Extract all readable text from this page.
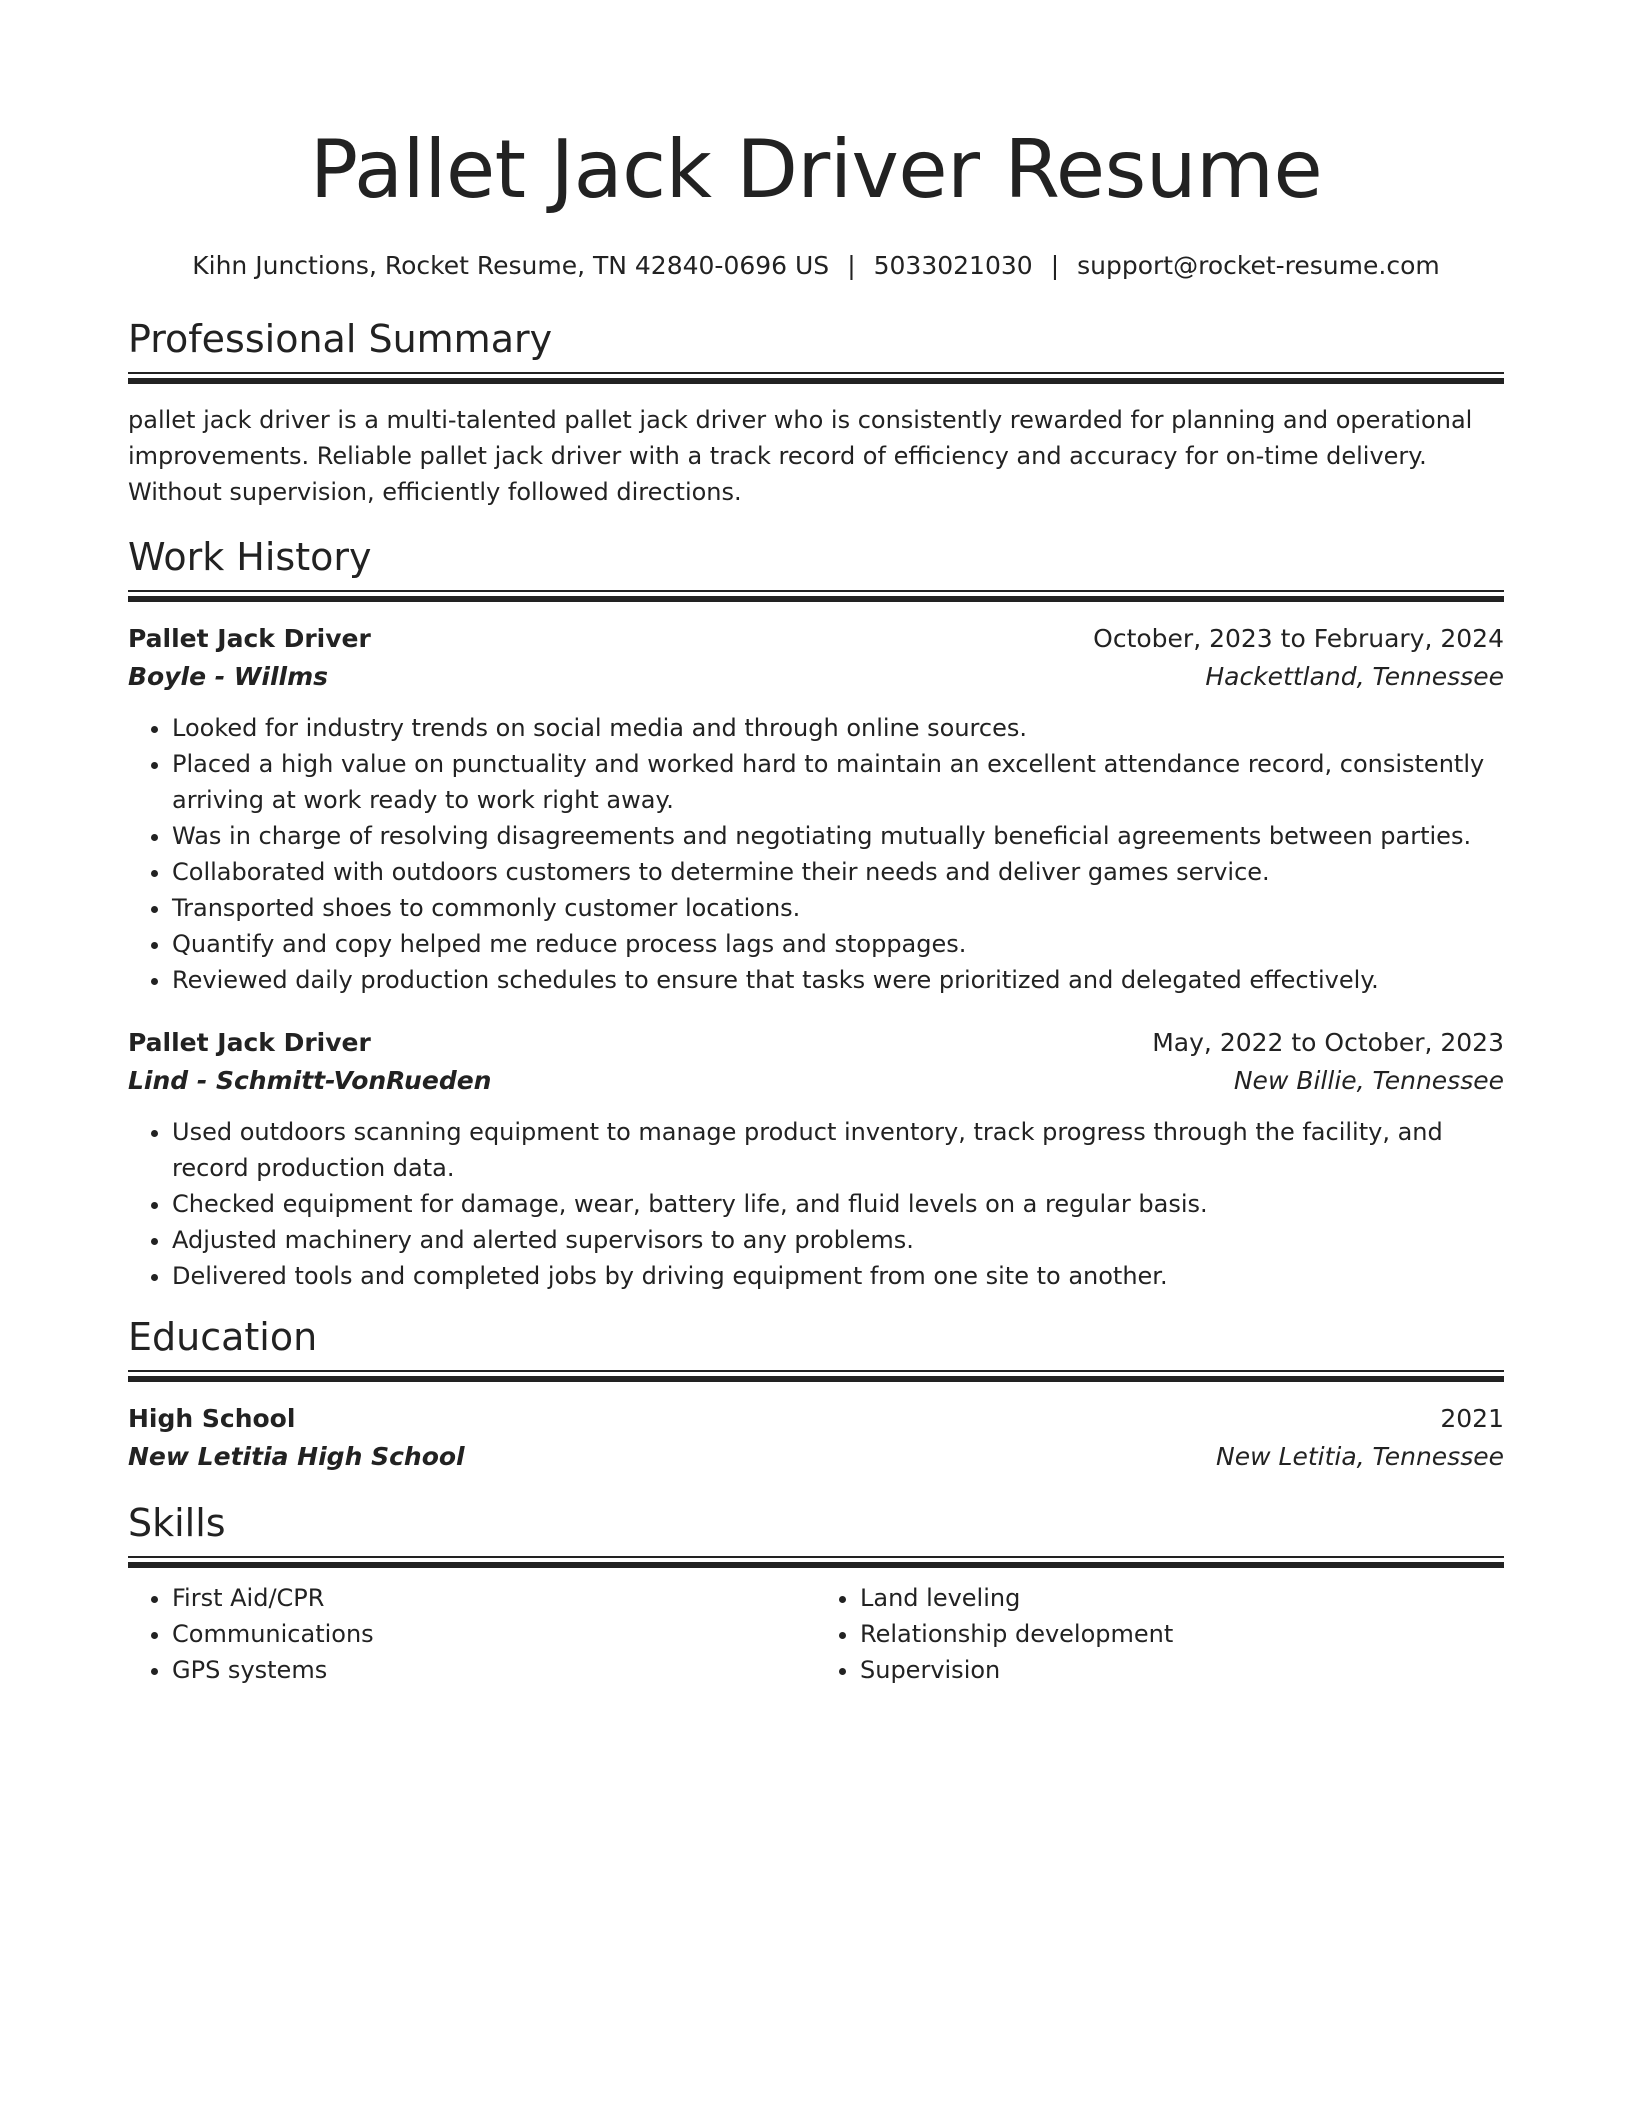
Pallet Jack Driver Resume
Kihn Junctions, Rocket Resume, TN 42840-0696 US | 5033021030 | support@rocket-resume.com
Professional Summary

pallet jack driver is a multi-talented pallet jack driver who is consistently rewarded for planning and operational improvements. Reliable pallet jack driver with a track record of efficiency and accuracy for on-time delivery. Without supervision, efficiently followed directions.

Work History
Pallet Jack Driver	October, 2023 to February, 2024
Boyle - Willms	Hackettland, Tennessee
• Looked for industry trends on social media and through online sources.
• Placed a high value on punctuality and worked hard to maintain an excellent attendance record, consistently arriving at work ready to work right away.
• Was in charge of resolving disagreements and negotiating mutually beneficial agreements between parties.
• Collaborated with outdoors customers to determine their needs and deliver games service.
• Transported shoes to commonly customer locations.
• Quantify and copy helped me reduce process lags and stoppages.
• Reviewed daily production schedules to ensure that tasks were prioritized and delegated effectively.
Pallet Jack Driver	May, 2022 to October, 2023
Lind - Schmitt-VonRueden	New Billie, Tennessee
• Used outdoors scanning equipment to manage product inventory, track progress through the facility, and record production data.
• Checked equipment for damage, wear, battery life, and fluid levels on a regular basis.
• Adjusted machinery and alerted supervisors to any problems.
• Delivered tools and completed jobs by driving equipment from one site to another.
Education
High School	2021
New Letitia High School	New Letitia, Tennessee
Skills
• First Aid/CPR
• Communications
• GPS systems
• Land leveling
• Relationship development
• Supervision
